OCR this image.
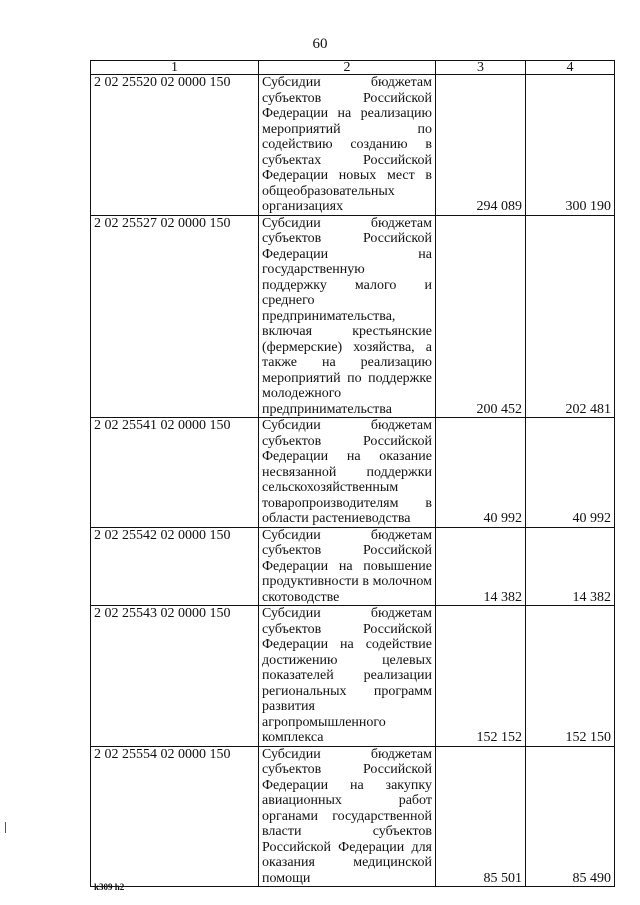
60
1	2	3	4
2 02 25520 02 0000 150	Субсидии бюджетам субъектов Российской Федерации на реализацию мероприятий по содействию созданию в субъектах Российской Федерации новых мест в общеобразовательных организациях	294 089	300 190
2 02 25527 02 0000 150	Субсидии бюджетам субъектов Российской Федерации на государственную поддержку малого и среднего предпринимательства, включая крестьянские (фермерские) хозяйства, а также на реализацию мероприятий по поддержке молодежного предпринимательства	200 452	202 481
2 02 25541 02 0000 150	Субсидии бюджетам субъектов Российской Федерации на оказание несвязанной поддержки сельскохозяйственным товаропроизводителям в области растениеводства	40 992	40 992
2 02 25542 02 0000 150	Субсидии бюджетам субъектов Российской Федерации на повышение продуктивности в молочном скотоводстве	14 382	14 382
2 02 25543 02 0000 150	Субсидии бюджетам субъектов Российской Федерации на содействие достижению целевых показателей реализации региональных программ развития агропромышленного комплекса	152 152	152 150
2 02 25554 02 0000 150	Субсидии бюджетам субъектов Российской Федерации на закупку авиационных работ органами государственной власти субъектов Российской Федерации для оказания медицинской помощи	85 501	85 490
k309 h2
